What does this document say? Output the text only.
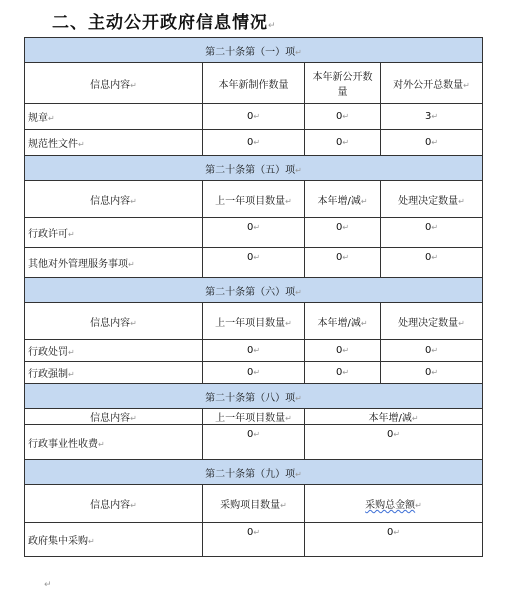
二、主动公开政府信息情况↵
第二十条第（一）项↵			
信息内容↵	本年新制作数量	本年新公开数量	对外公开总数量↵
规章↵	0↵	0↵	3↵
规范性文件↵	0↵	0↵	0↵
第二十条第（五）项↵			
信息内容↵	上一年项目数量↵	本年增/减↵	处理决定数量↵
行政许可↵	0↵	0↵	0↵
其他对外管理服务事项↵	0↵	0↵	0↵
第二十条第（六）项↵			
信息内容↵	上一年项目数量↵	本年增/减↵	处理决定数量↵
行政处罚↵	0↵	0↵	0↵
行政强制↵	0↵	0↵	0↵
第二十条第（八）项↵			
信息内容↵	上一年项目数量↵	本年增/减↵	
行政事业性收费↵	0↵	0↵	
第二十条第（九）项↵			
信息内容↵	采购项目数量↵	采购总金额↵	
政府集中采购↵	0↵	0↵	
↵
